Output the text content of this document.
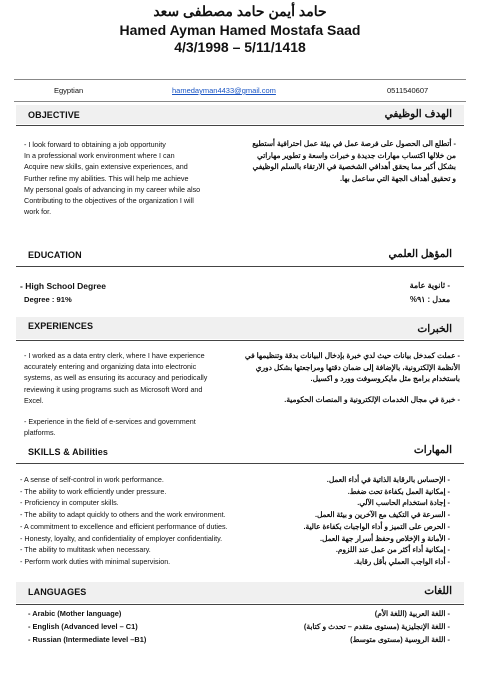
حامد أيمن حامد مصطفى سعد
Hamed Ayman Hamed Mostafa Saad
4/3/1998 – 5/11/1418
Egyptian	hamedayman4433@gmail.com	0511540607
OBJECTIVE	الهدف الوظيفي
- I look forward to obtaining a job opportunity
In a professional work environment where I can
Acquire new skills, gain extensive experiences, and
Further refine my abilities. This will help me achieve
My personal goals of advancing in my career while also
Contributing to the objectives of the organization I will
work for.
- أتطلع الى الحصول على فرصة عمل في بيئة عمل احترافية أستطيع
من خلالها اكتساب مهارات جديدة و خبرات واسعة و تطوير مهاراتي
بشكل أكبر مما يحقق أهدافي الشخصية في الارتقاء بالسلم الوظيفي
و تحقيق أهداف الجهة التي ساعمل بها.
EDUCATION	المؤهل العلمي
- High School Degree
Degree : 91%
- ثانوية عامة
معدل : ٩١%
EXPERIENCES	الخبرات
- I worked as a data entry clerk, where I have experience
accurately entering and organizing data into electronic
systems, as well as ensuring its accuracy and periodically
reviewing it using programs such as Microsoft Word and
Excel.
- Experience in the field of e-services and government
platforms.
- عملت كمدخل بيانات حيث لدي خبرة بإدخال البيانات بدقة وتنظيمها في
الأنظمة الإلكترونية، بالإضافة إلى ضمان دقتها ومراجعتها بشكل دوري
باستخدام برامج مثل مايكروسوفت وورد و اكسيل.
- خبرة في مجال الخدمات الإلكترونية و المنصات الحكومية.
SKILLS & Abilities	المهارات
- A sense of self-control in work performance.
- The ability to work efficiently under pressure.
- Proficiency in computer skills.
- The ability to adapt quickly to others and the work environment.
- A commitment to excellence and efficient performance of duties.
- Honesty, loyalty, and confidentiality of employer confidentiality.
- The ability to multitask when necessary.
- Perform work duties with minimal supervision.
- الإحساس بالرقابة الذاتية في أداء العمل.
- إمكانية العمل بكفاءة تحت ضغط.
- إجادة استخدام الحاسب الآلي.
- السرعة في التكيف مع الآخرين و بيئة العمل.
- الحرص على التميز و أداء الواجبات بكفاءة عالية.
- الأمانة و الإخلاص وحفظ أسرار جهة العمل.
- إمكانية أداء أكثر من عمل عند اللزوم.
- أداء الواجب العملي بأقل رقابة.
LANGUAGES	اللغات
- Arabic (Mother language)
- English (Advanced level – C1)
- Russian (Intermediate level –B1)
- اللغة العربية (اللغة الأم)
- اللغة الإنجليزية (مستوى متقدم – تحدث و كتابة)
- اللغة الروسية (مستوى متوسط)
